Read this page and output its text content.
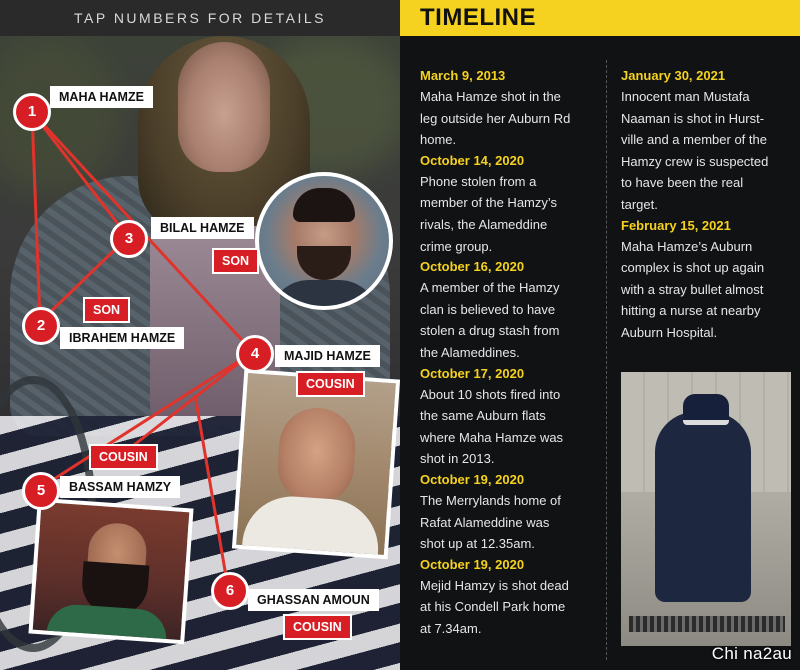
TAP NUMBERS FOR DETAILS
1
MAHA HAMZE
3
BILAL HAMZE
SON
SON
2
IBRAHEM HAMZE
4	MAJID HAMZE
COUSIN
COUSIN
5	BASSAM HAMZY
6
GHASSAN AMOUN
COUSIN
TIMELINE
March 9, 2013
Maha Hamze shot in the
leg outside her Auburn Rd
home.
October 14, 2020
Phone stolen from a
member of the Hamzy’s
rivals, the Alameddine
crime group.
October 16, 2020
A member of the Hamzy
clan is believed to have
stolen a drug stash from
the Alameddines.
October 17, 2020
About 10 shots fired into
the same Auburn flats
where Maha Hamze was
shot in 2013.
October 19, 2020
The Merrylands home of
Rafat Alameddine was
shot up at 12.35am.
October 19, 2020
Mejid Hamzy is shot dead
at his Condell Park home
at 7.34am.
January 30, 2021
Innocent man Mustafa
Naaman is shot in Hurst-
ville and a member of the
Hamzy crew is suspected
to have been the real
target.
February 15, 2021
Maha Hamze’s Auburn
complex is shot up again
with a stray bullet almost
hitting a nurse at nearby
Auburn Hospital.
Chi na2au
